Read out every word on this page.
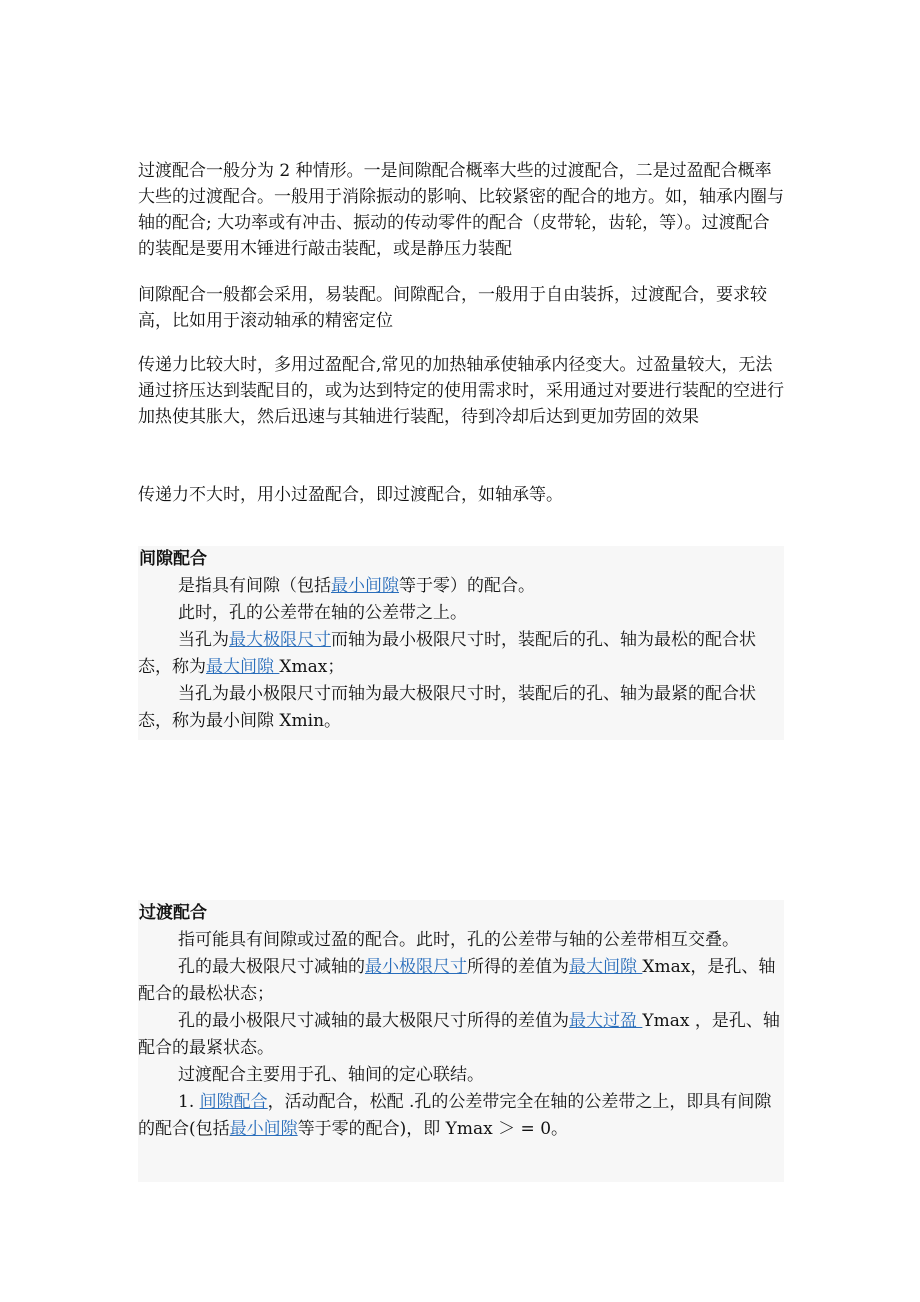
过渡配合一般分为 2 种情形。一是间隙配合概率大些的过渡配合，二是过盈配合概率大些的过渡配合。一般用于消除振动的影响、比较紧密的配合的地方。如，轴承内圈与轴的配合; 大功率或有冲击、振动的传动零件的配合（皮带轮，齿轮，等）。过渡配合的装配是要用木锤进行敲击装配，或是静压力装配

间隙配合一般都会采用，易装配。间隙配合，一般用于自由装拆，过渡配合，要求较高，比如用于滚动轴承的精密定位

传递力比较大时，多用过盈配合,常见的加热轴承使轴承内径变大。过盈量较大，无法通过挤压达到装配目的，或为达到特定的使用需求时，采用通过对要进行装配的空进行加热使其胀大，然后迅速与其轴进行装配，待到冷却后达到更加劳固的效果

传递力不大时，用小过盈配合，即过渡配合，如轴承等。

间隙配合

是指具有间隙（包括最小间隙等于零）的配合。

此时，孔的公差带在轴的公差带之上。

当孔为最大极限尺寸而轴为最小极限尺寸时，装配后的孔、轴为最松的配合状态，称为最大间隙 Xmax；

当孔为最小极限尺寸而轴为最大极限尺寸时，装配后的孔、轴为最紧的配合状态，称为最小间隙 Xmin。

过渡配合

指可能具有间隙或过盈的配合。此时，孔的公差带与轴的公差带相互交叠。

孔的最大极限尺寸减轴的最小极限尺寸所得的差值为最大间隙 Xmax，是孔、轴配合的最松状态；

孔的最小极限尺寸减轴的最大极限尺寸所得的差值为最大过盈 Ymax ，是孔、轴配合的最紧状态。

过渡配合主要用于孔、轴间的定心联结。

1. 间隙配合，活动配合，松配 .孔的公差带完全在轴的公差带之上，即具有间隙的配合(包括最小间隙等于零的配合)，即 Ymax ＞ = 0。
